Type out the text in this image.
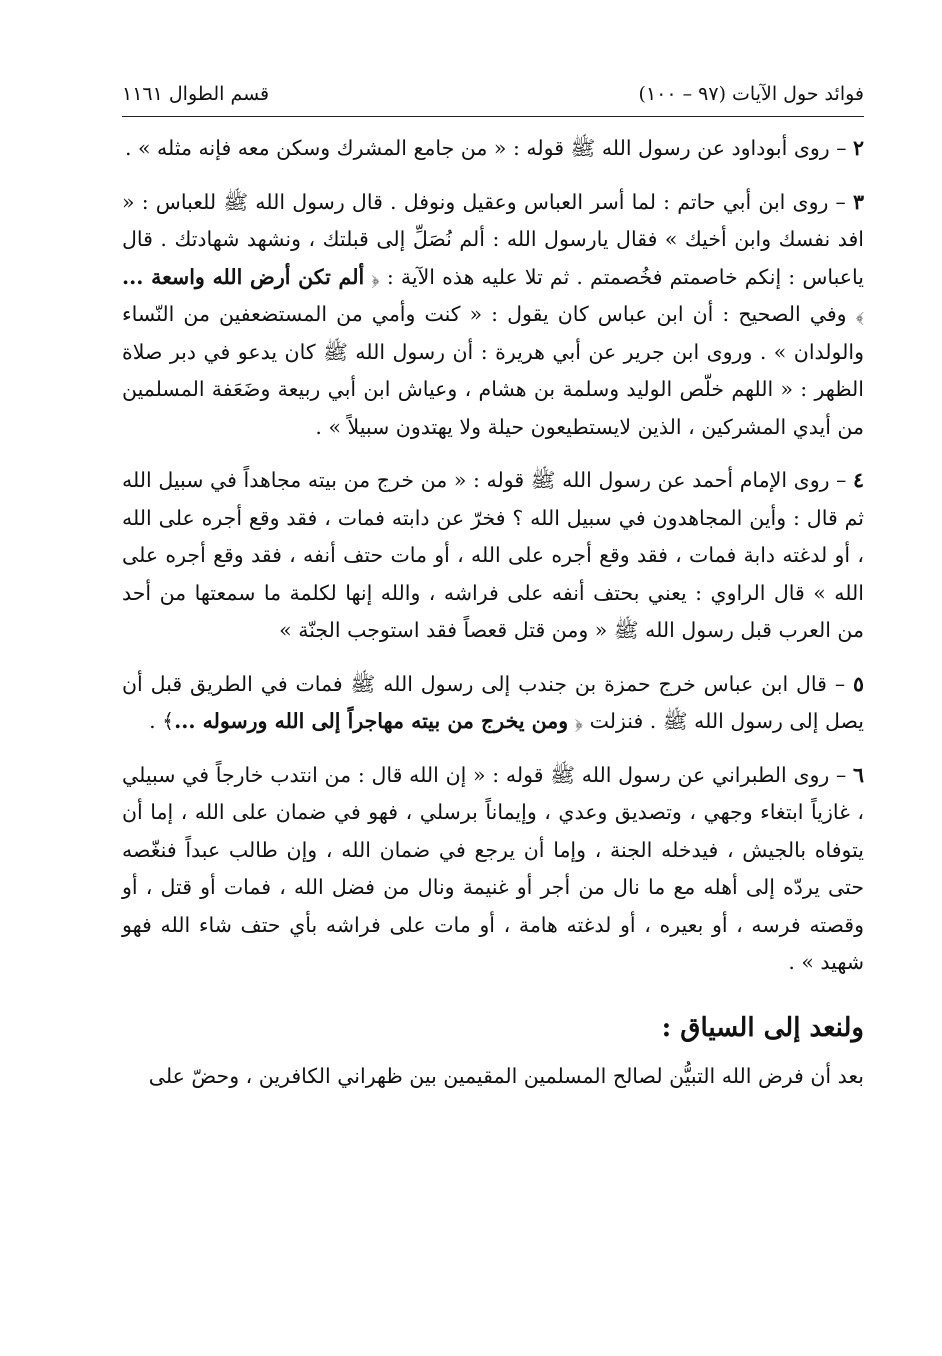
فوائد حول الآيات (٩٧ – ١٠٠)
قسم الطوال ١١٦١

٢ – روى أبوداود عن رسول الله ﷺ قوله : « من جامع المشرك وسكن معه فإنه مثله » .

٣ – روى ابن أبي حاتم : لما أسر العباس وعقيل ونوفل . قال رسول الله ﷺ للعباس : « افد نفسك وابن أخيك » فقال يارسول الله : ألم نُصَلِّ إلى قبلتك ، ونشهد شهادتك . قال ياعباس : إنكم خاصمتم فخُصمتم . ثم تلا عليه هذه الآية : ﴿ ألم تكن أرض الله واسعة ... ﴾ وفي الصحيح : أن ابن عباس كان يقول : « كنت وأمي من المستضعفين من النّساء والولدان » . وروى ابن جرير عن أبي هريرة : أن رسول الله ﷺ كان يدعو في دبر صلاة الظهر : « اللهم خلّص الوليد وسلمة بن هشام ، وعياش ابن أبي ربيعة وضَعَفة المسلمين من أيدي المشركين ، الذين لايستطيعون حيلة ولا يهتدون سبيلاً » .

٤ – روى الإمام أحمد عن رسول الله ﷺ قوله : « من خرج من بيته مجاهداً في سبيل الله ثم قال : وأين المجاهدون في سبيل الله ؟ فخرّ عن دابته فمات ، فقد وقع أجره على الله ، أو لدغته دابة فمات ، فقد وقع أجره على الله ، أو مات حتف أنفه ، فقد وقع أجره على الله » قال الراوي : يعني بحتف أنفه على فراشه ، والله إنها لكلمة ما سمعتها من أحد من العرب قبل رسول الله ﷺ « ومن قتل قعصاً فقد استوجب الجنّة »

٥ – قال ابن عباس خرج حمزة بن جندب إلى رسول الله ﷺ فمات في الطريق قبل أن يصل إلى رسول الله ﷺ . فنزلت ﴿ ومن يخرج من بيته مهاجراً إلى الله ورسوله ...﴾ .

٦ – روى الطبراني عن رسول الله ﷺ قوله : « إن الله قال : من انتدب خارجاً في سبيلي ، غازياً ابتغاء وجهي ، وتصديق وعدي ، وإيماناً برسلي ، فهو في ضمان على الله ، إما أن يتوفاه بالجيش ، فيدخله الجنة ، وإما أن يرجع في ضمان الله ، وإن طالب عبداً فنغّصه حتى يردّه إلى أهله مع ما نال من أجر أو غنيمة ونال من فضل الله ، فمات أو قتل ، أو وقصته فرسه ، أو بعيره ، أو لدغته هامة ، أو مات على فراشه بأي حتف شاء الله فهو شهيد » .

ولنعد إلى السياق :

بعد أن فرض الله التبيُّن لصالح المسلمين المقيمين بين ظهراني الكافرين ، وحضّ على
